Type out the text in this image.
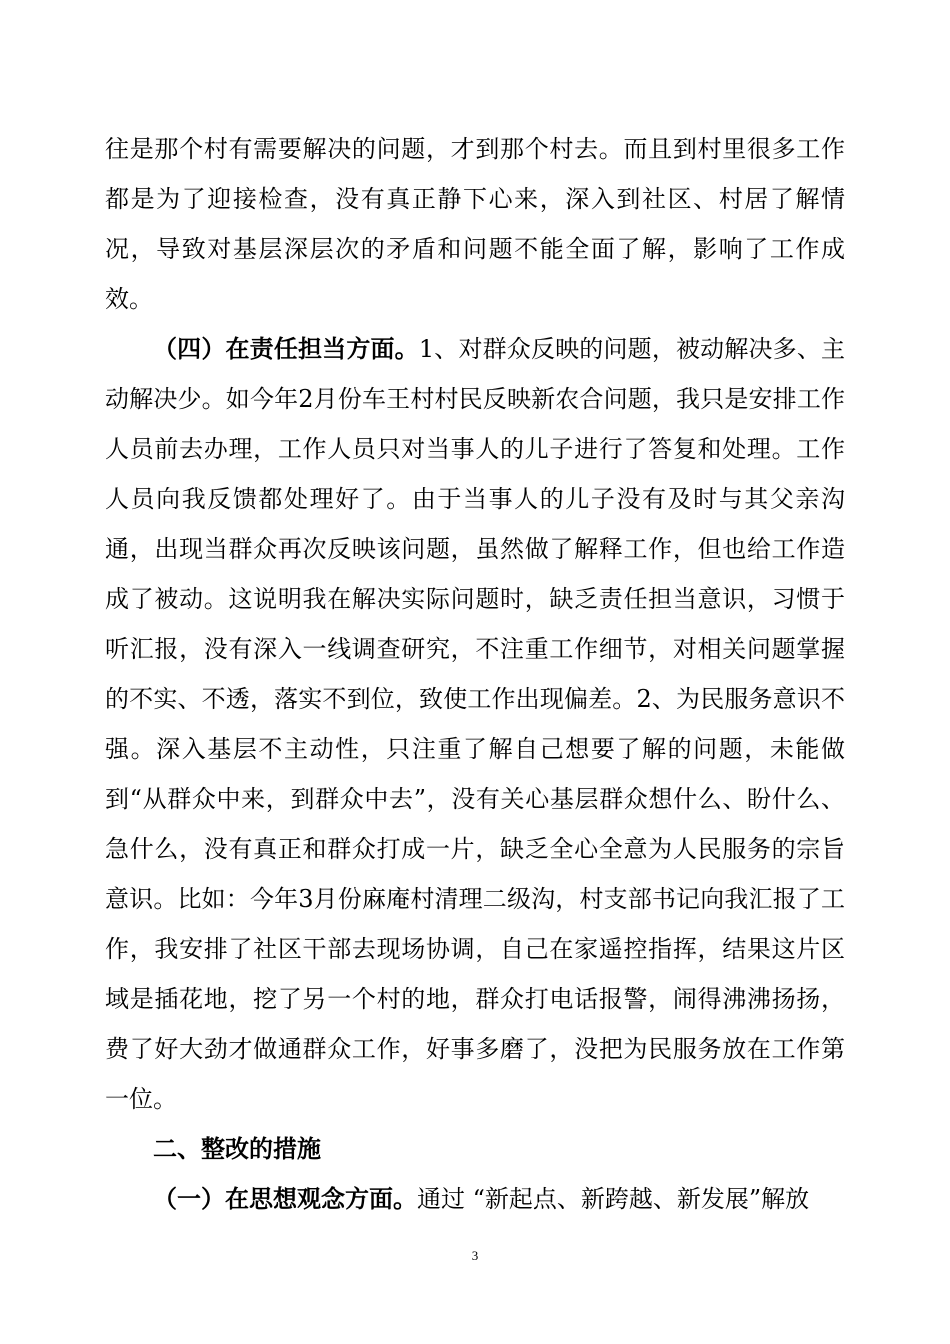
往是那个村有需要解决的问题，才到那个村去。而且到村里很多工作都是为了迎接检查，没有真正静下心来，深入到社区、村居了解情况，导致对基层深层次的矛盾和问题不能全面了解，影响了工作成效。

（四）在责任担当方面。1、对群众反映的问题，被动解决多、主动解决少。如今年2月份车王村村民反映新农合问题，我只是安排工作人员前去办理，工作人员只对当事人的儿子进行了答复和处理。工作人员向我反馈都处理好了。由于当事人的儿子没有及时与其父亲沟通，出现当群众再次反映该问题，虽然做了解释工作，但也给工作造成了被动。这说明我在解决实际问题时，缺乏责任担当意识，习惯于听汇报，没有深入一线调查研究，不注重工作细节，对相关问题掌握的不实、不透，落实不到位，致使工作出现偏差。2、为民服务意识不强。深入基层不主动性，只注重了解自己想要了解的问题，未能做到“从群众中来，到群众中去”，没有关心基层群众想什么、盼什么、急什么，没有真正和群众打成一片，缺乏全心全意为人民服务的宗旨意识。比如：今年3月份麻庵村清理二级沟，村支部书记向我汇报了工作，我安排了社区干部去现场协调，自己在家遥控指挥，结果这片区域是插花地，挖了另一个村的地，群众打电话报警，闹得沸沸扬扬，费了好大劲才做通群众工作，好事多磨了，没把为民服务放在工作第一位。

二、整改的措施

（一）在思想观念方面。通过 “新起点、新跨越、新发展”解放

3
